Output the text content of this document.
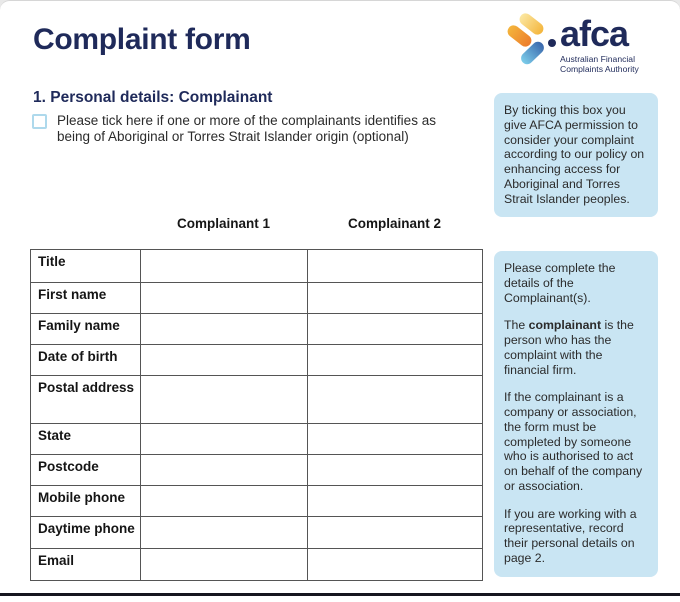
Complaint form	afca
Australian Financial
Complaints Authority
1. Personal details: Complainant
Please tick here if one or more of the complainants identifies as being of Aboriginal or Torres Strait Islander origin (optional)
Complainant 1	Complainant 2
Title		
First name		
Family name		
Date of birth		
Postal address		
State		
Postcode		
Mobile phone		
Daytime phone		
Email		

By ticking this box you give AFCA permission to consider your complaint according to our policy on enhancing access for Aboriginal and Torres Strait Islander peoples.

Please complete the details of the Complainant(s).

The complainant is the person who has the complaint with the financial firm.

If the complainant is a company or association, the form must be completed by someone who is authorised to act on behalf of the company or association.

If you are working with a representative, record their personal details on page 2.
